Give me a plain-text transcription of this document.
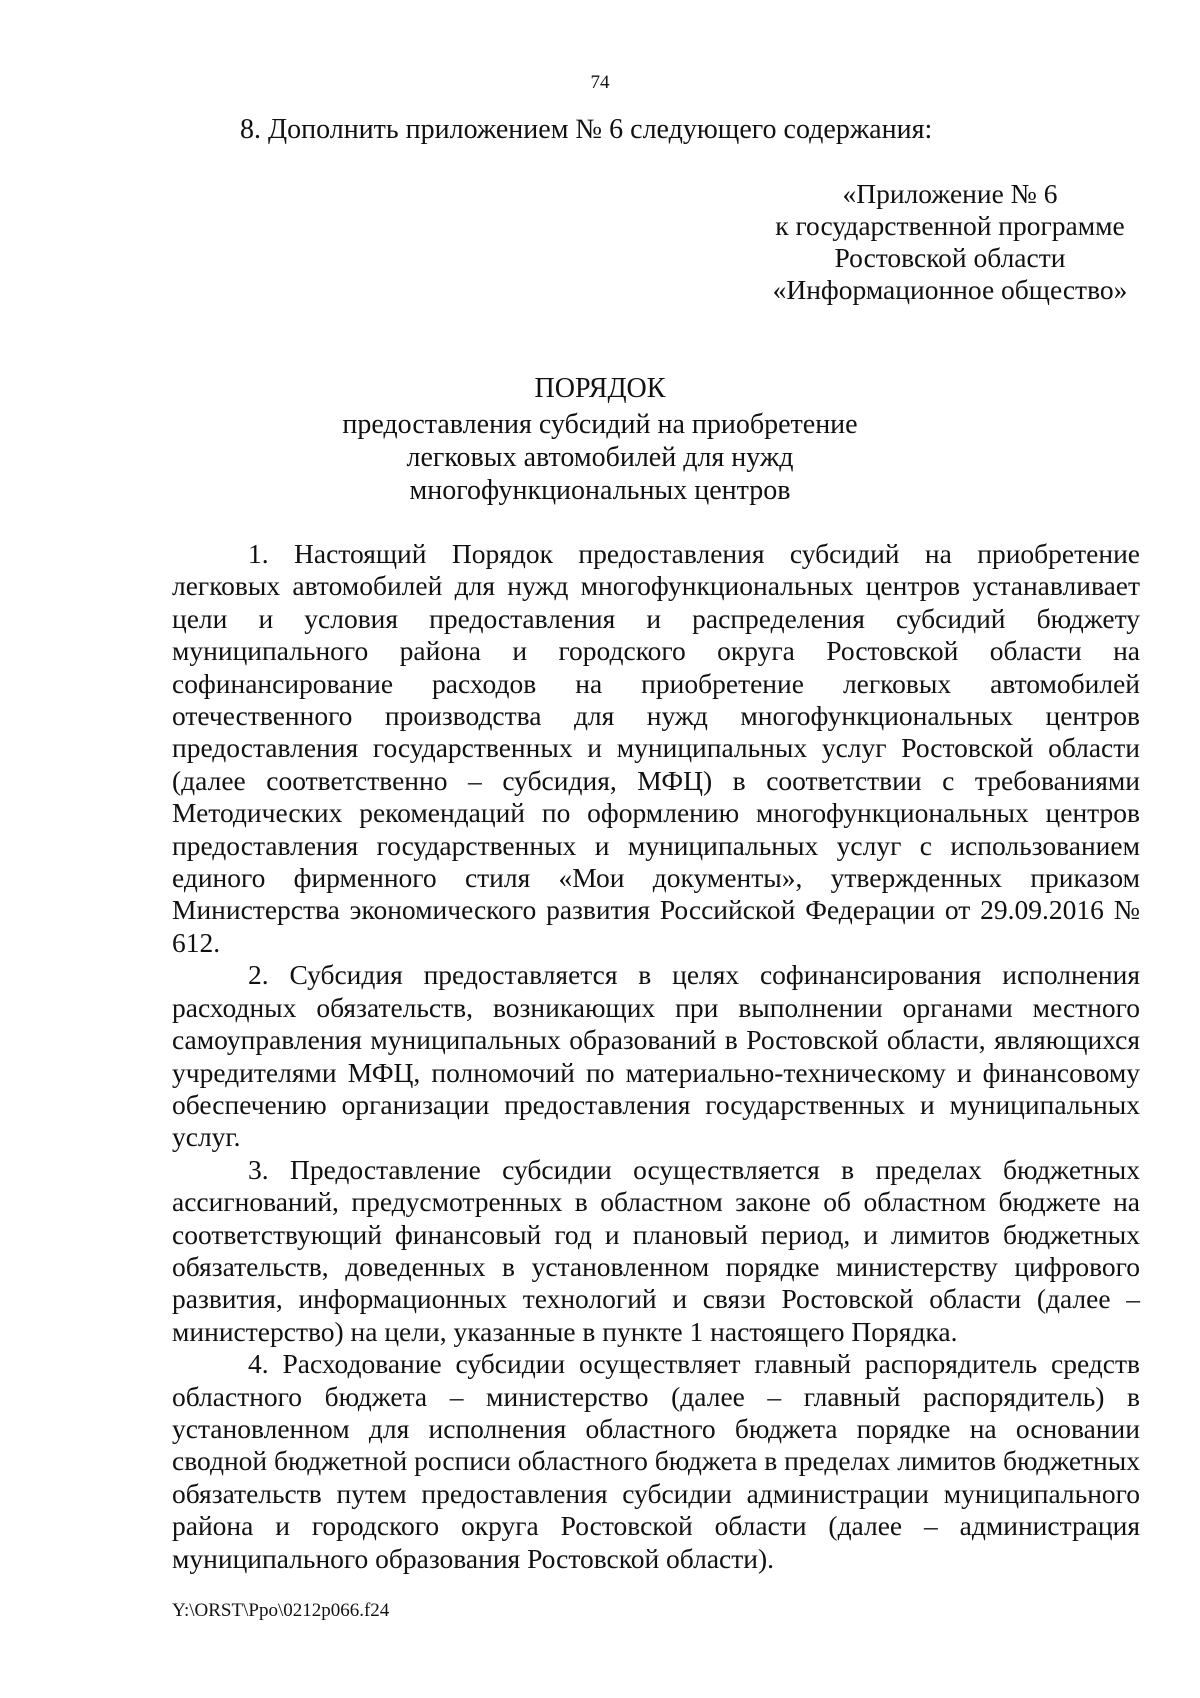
74
8. Дополнить приложением № 6 следующего содержания:
«Приложение № 6
к государственной программе
Ростовской области
«Информационное общество»
ПОРЯДОК
предоставления субсидий на приобретение легковых автомобилей для нужд многофункциональных центров

1. Настоящий Порядок предоставления субсидий на приобретение легковых автомобилей для нужд многофункциональных центров устанавливает цели и условия предоставления и распределения субсидий бюджету муниципального района и городского округа Ростовской области на софинансирование расходов на приобретение легковых автомобилей отечественного производства для нужд многофункциональных центров предоставления государственных и муниципальных услуг Ростовской области (далее соответственно – субсидия, МФЦ) в соответствии с требованиями Методических рекомендаций по оформлению многофункциональных центров предоставления государственных и муниципальных услуг с использованием единого фирменного стиля «Мои документы», утвержденных приказом Министерства экономического развития Российской Федерации от 29.09.2016 № 612.

2. Субсидия предоставляется в целях софинансирования исполнения расходных обязательств, возникающих при выполнении органами местного самоуправления муниципальных образований в Ростовской области, являющихся учредителями МФЦ, полномочий по материально-техническому и финансовому обеспечению организации предоставления государственных и муниципальных услуг.

3. Предоставление субсидии осуществляется в пределах бюджетных ассигнований, предусмотренных в областном законе об областном бюджете на соответствующий финансовый год и плановый период, и лимитов бюджетных обязательств, доведенных в установленном порядке министерству цифрового развития, информационных технологий и связи Ростовской области (далее – министерство) на цели, указанные в пункте 1 настоящего Порядка.

4. Расходование субсидии осуществляет главный распорядитель средств областного бюджета – министерство (далее – главный распорядитель) в установленном для исполнения областного бюджета порядке на основании сводной бюджетной росписи областного бюджета в пределах лимитов бюджетных обязательств путем предоставления субсидии администрации муниципального района и городского округа Ростовской области (далее – администрация муниципального образования Ростовской области).

Y:\ORST\Ppo\0212p066.f24
